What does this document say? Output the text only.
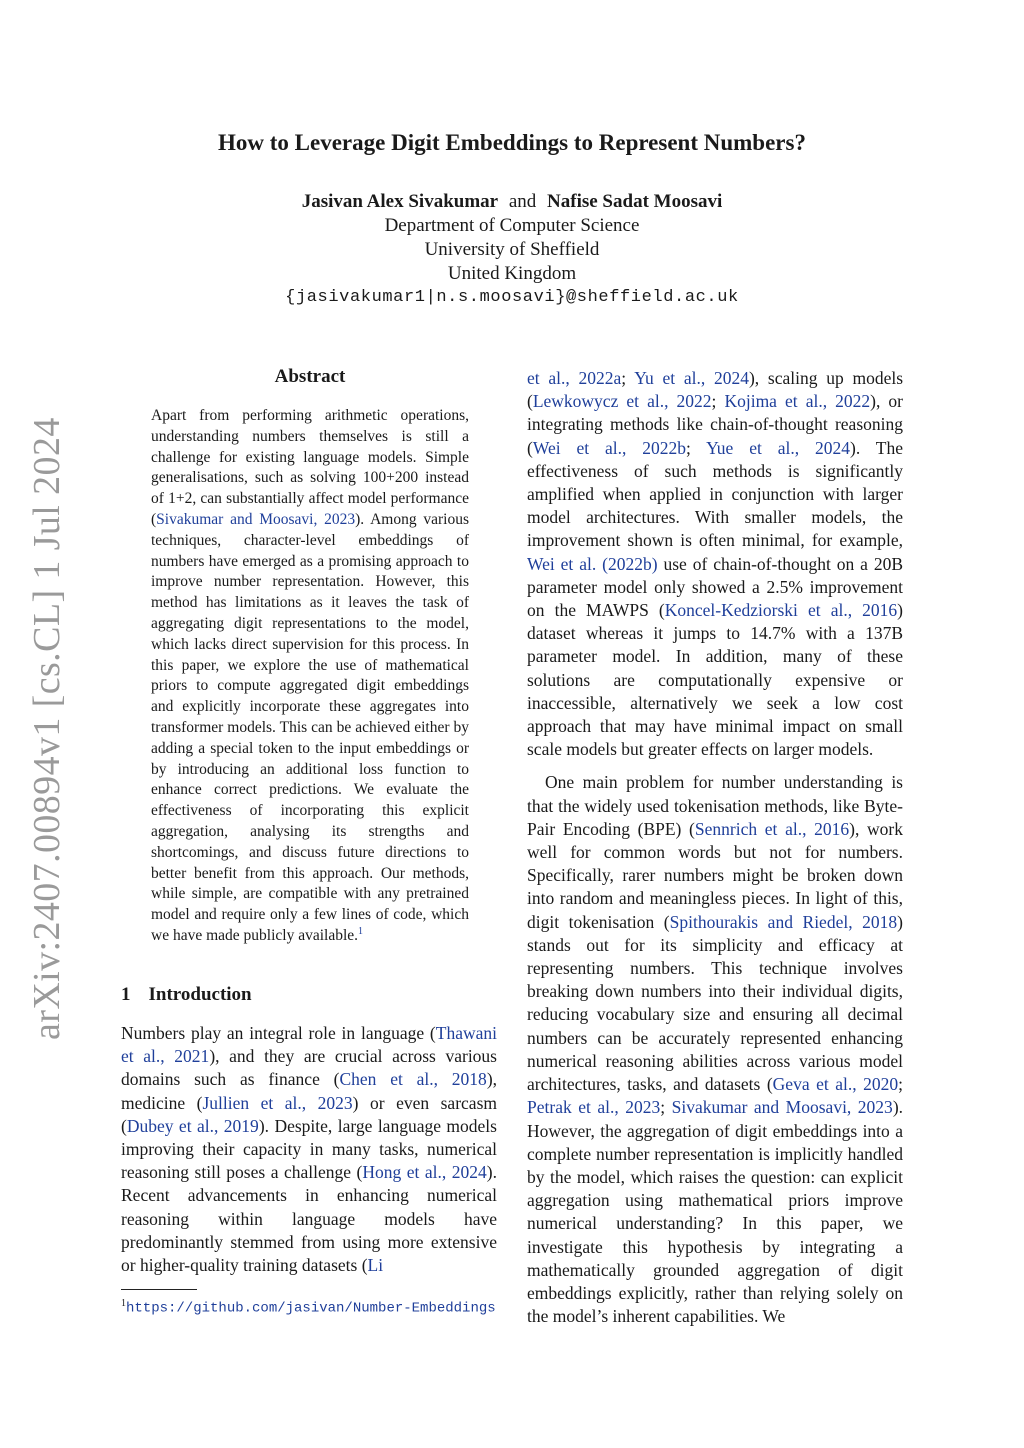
arXiv:2407.00894v1 [cs.CL] 1 Jul 2024
How to Leverage Digit Embeddings to Represent Numbers?
Jasivan Alex Sivakumar and Nafise Sadat Moosavi
Department of Computer Science
University of Sheffield
United Kingdom
{jasivakumar1|n.s.moosavi}@sheffield.ac.uk
Abstract

Apart from performing arithmetic operations, understanding numbers themselves is still a challenge for existing language models. Simple generalisations, such as solving 100+200 instead of 1+2, can substantially affect model performance (Sivakumar and Moosavi, 2023). Among various techniques, character-level embeddings of numbers have emerged as a promising approach to improve number representation. However, this method has limitations as it leaves the task of aggregating digit representations to the model, which lacks direct supervision for this process. In this paper, we explore the use of mathematical priors to compute aggregated digit embeddings and explicitly incorporate these aggregates into transformer models. This can be achieved either by adding a special token to the input embeddings or by introducing an additional loss function to enhance correct predictions. We evaluate the effectiveness of incorporating this explicit aggregation, analysing its strengths and shortcomings, and discuss future directions to better benefit from this approach. Our methods, while simple, are compatible with any pretrained model and require only a few lines of code, which we have made publicly available.$^1$

1 Introduction

Numbers play an integral role in language (Thawani et al., 2021), and they are crucial across various domains such as finance (Chen et al., 2018), medicine (Jullien et al., 2023) or even sarcasm (Dubey et al., 2019). Despite, large language models improving their capacity in many tasks, numerical reasoning still poses a challenge (Hong et al., 2024). Recent advancements in enhancing numerical reasoning within language models have predominantly stemmed from using more extensive or higher-quality training datasets (Li

$^1$https://github.com/jasivan/Number-Embeddings

et al., 2022a; Yu et al., 2024), scaling up models (Lewkowycz et al., 2022; Kojima et al., 2022), or integrating methods like chain-of-thought reasoning (Wei et al., 2022b; Yue et al., 2024). The effectiveness of such methods is significantly amplified when applied in conjunction with larger model architectures. With smaller models, the improvement shown is often minimal, for example, Wei et al. (2022b) use of chain-of-thought on a 20B parameter model only showed a 2.5% improvement on the MAWPS (Koncel-Kedziorski et al., 2016) dataset whereas it jumps to 14.7% with a 137B parameter model. In addition, many of these solutions are computationally expensive or inaccessible, alternatively we seek a low cost approach that may have minimal impact on small scale models but greater effects on larger models.

One main problem for number understanding is that the widely used tokenisation methods, like Byte-Pair Encoding (BPE) (Sennrich et al., 2016), work well for common words but not for numbers. Specifically, rarer numbers might be broken down into random and meaningless pieces. In light of this, digit tokenisation (Spithourakis and Riedel, 2018) stands out for its simplicity and efficacy at representing numbers. This technique involves breaking down numbers into their individual digits, reducing vocabulary size and ensuring all decimal numbers can be accurately represented enhancing numerical reasoning abilities across various model architectures, tasks, and datasets (Geva et al., 2020; Petrak et al., 2023; Sivakumar and Moosavi, 2023). However, the aggregation of digit embeddings into a complete number representation is implicitly handled by the model, which raises the question: can explicit aggregation using mathematical priors improve numerical understanding? In this paper, we investigate this hypothesis by integrating a mathematically grounded aggregation of digit embeddings explicitly, rather than relying solely on the model’s inherent capabilities. We
